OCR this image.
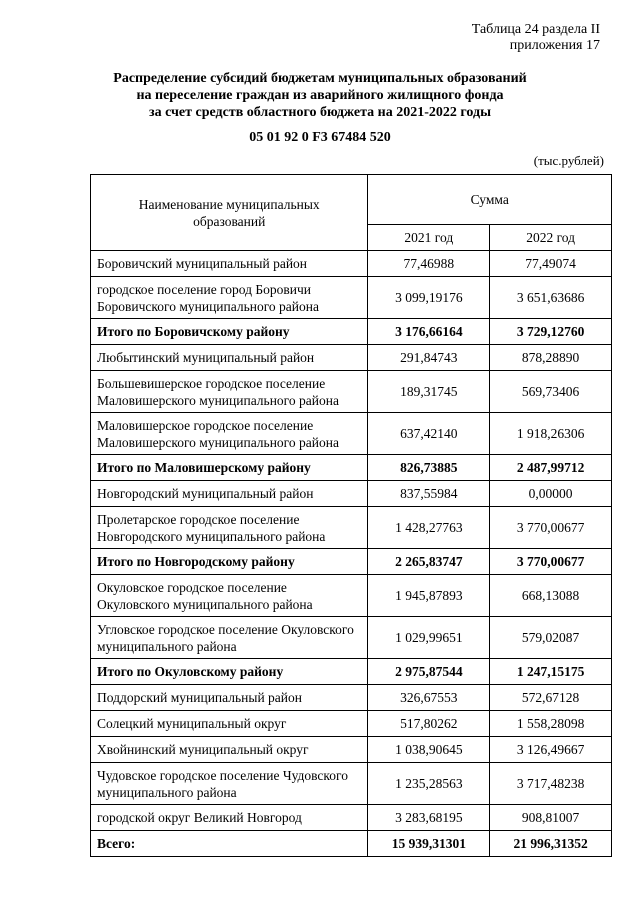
Таблица 24 раздела II
приложения 17
Распределение субсидий бюджетам муниципальных образований
на переселение граждан из аварийного жилищного фонда
за счет средств областного бюджета на 2021-2022 годы
05 01 92 0 F3 67484 520
(тыс.рублей)
Наименование муниципальных образований	Сумма	
	2021 год	2022 год
Боровичский муниципальный район	77,46988	77,49074
городское поселение город Боровичи Боровичского муниципального района	3 099,19176	3 651,63686
Итого по Боровичскому району	3 176,66164	3 729,12760
Любытинский муниципальный район	291,84743	878,28890
Большевишерское городское поселение Маловишерского муниципального района	189,31745	569,73406
Маловишерское городское поселение Маловишерского муниципального района	637,42140	1 918,26306
Итого по Маловишерскому району	826,73885	2 487,99712
Новгородский муниципальный район	837,55984	0,00000
Пролетарское городское поселение Новгородского муниципального района	1 428,27763	3 770,00677
Итого по Новгородскому району	2 265,83747	3 770,00677
Окуловское городское поселение Окуловского муниципального района	1 945,87893	668,13088
Угловское городское поселение Окуловского муниципального района	1 029,99651	579,02087
Итого по Окуловскому району	2 975,87544	1 247,15175
Поддорский муниципальный район	326,67553	572,67128
Солецкий муниципальный округ	517,80262	1 558,28098
Хвойнинский муниципальный округ	1 038,90645	3 126,49667
Чудовское городское поселение Чудовского муниципального района	1 235,28563	3 717,48238
городской округ Великий Новгород	3 283,68195	908,81007
Всего:	15 939,31301	21 996,31352
